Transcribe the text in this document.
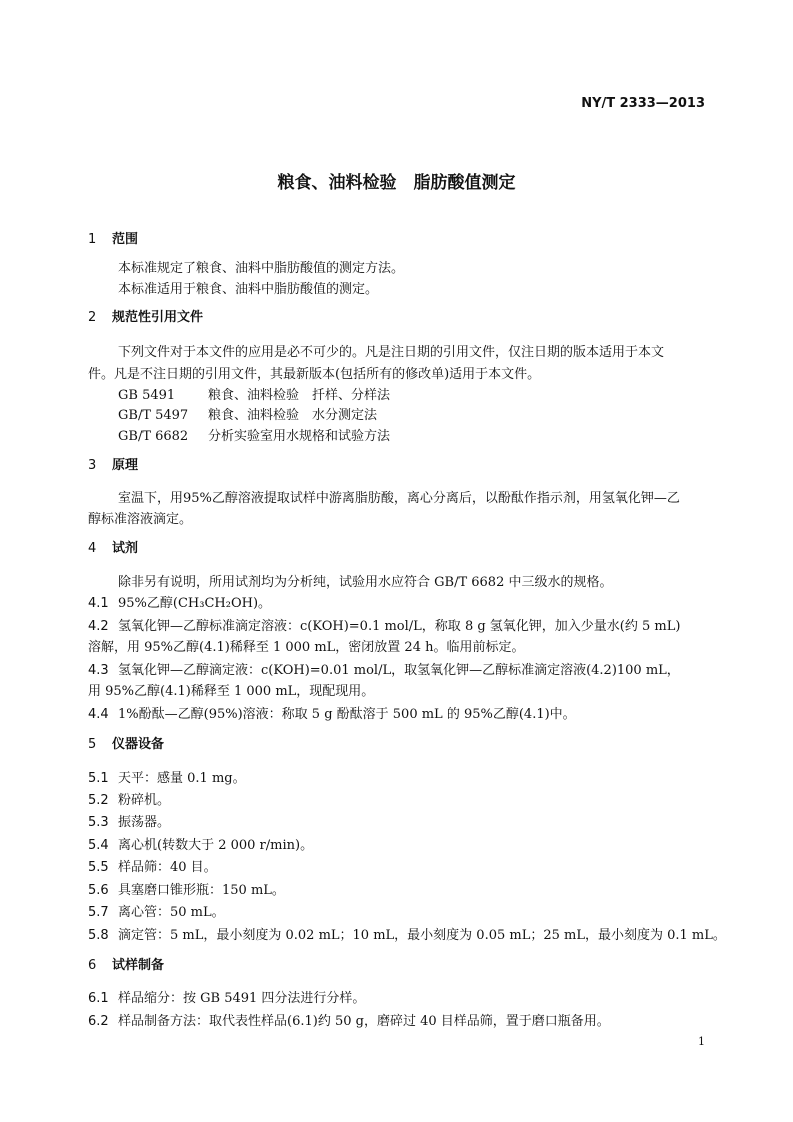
NY/T 2333—2013
粮食、油料检验　脂肪酸值测定
1 范围
本标准规定了粮食、油料中脂肪酸值的测定方法。
本标准适用于粮食、油料中脂肪酸值的测定。
2 规范性引用文件
下列文件对于本文件的应用是必不可少的。凡是注日期的引用文件，仅注日期的版本适用于本文
件。凡是不注日期的引用文件，其最新版本(包括所有的修改单)适用于本文件。
GB 5491	粮食、油料检验　扦样、分样法
GB/T 5497 粮食、油料检验　水分测定法
GB/T 6682 分析实验室用水规格和试验方法
3 原理
室温下，用95%乙醇溶液提取试样中游离脂肪酸，离心分离后，以酚酞作指示剂，用氢氧化钾—乙
醇标准溶液滴定。
4 试剂
除非另有说明，所用试剂均为分析纯，试验用水应符合 GB/T 6682 中三级水的规格。
4.1 95%乙醇(CH₃CH₂OH)。
4.2 氢氧化钾—乙醇标准滴定溶液：c(KOH)=0.1 mol/L，称取 8 g 氢氧化钾，加入少量水(约 5 mL)
溶解，用 95%乙醇(4.1)稀释至 1 000 mL，密闭放置 24 h。临用前标定。
4.3 氢氧化钾—乙醇滴定液：c(KOH)=0.01 mol/L，取氢氧化钾—乙醇标准滴定溶液(4.2)100 mL，
用 95%乙醇(4.1)稀释至 1 000 mL，现配现用。
4.4 1%酚酞—乙醇(95%)溶液：称取 5 g 酚酞溶于 500 mL 的 95%乙醇(4.1)中。
5 仪器设备
5.1 天平：感量 0.1 mg。
5.2 粉碎机。
5.3 振荡器。
5.4 离心机(转数大于 2 000 r/min)。
5.5 样品筛：40 目。
5.6 具塞磨口锥形瓶：150 mL。
5.7 离心管：50 mL。
5.8 滴定管：5 mL，最小刻度为 0.02 mL；10 mL，最小刻度为 0.05 mL；25 mL，最小刻度为 0.1 mL。
6 试样制备
6.1 样品缩分：按 GB 5491 四分法进行分样。
6.2 样品制备方法：取代表性样品(6.1)约 50 g，磨碎过 40 目样品筛，置于磨口瓶备用。
1
